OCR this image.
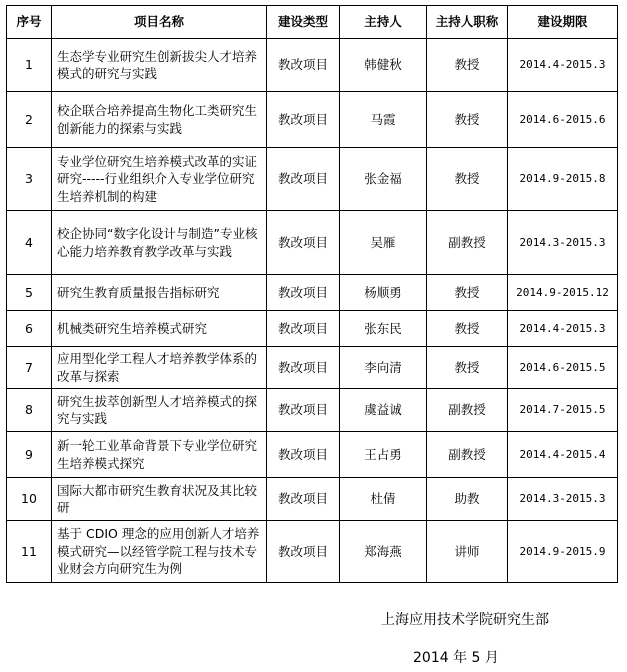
序号	项目名称	建设类型	主持人	主持人职称	建设期限
1	生态学专业研究生创新拔尖人才培养模式的研究与实践	教改项目	韩健秋	教授	2014.4-2015.3
2	校企联合培养提高生物化工类研究生创新能力的探索与实践	教改项目	马霞	教授	2014.6-2015.6
3	专业学位研究生培养模式改革的实证研究-----行业组织介入专业学位研究生培养机制的构建	教改项目	张金福	教授	2014.9-2015.8
4	校企协同“数字化设计与制造”专业核心能力培养教育教学改革与实践	教改项目	吴雁	副教授	2014.3-2015.3
5	研究生教育质量报告指标研究	教改项目	杨顺勇	教授	2014.9-2015.12
6	机械类研究生培养模式研究	教改项目	张东民	教授	2014.4-2015.3
7	应用型化学工程人才培养教学体系的改革与探索	教改项目	李向清	教授	2014.6-2015.5
8	研究生拔萃创新型人才培养模式的探究与实践	教改项目	虞益诚	副教授	2014.7-2015.5
9	新一轮工业革命背景下专业学位研究生培养模式探究	教改项目	王占勇	副教授	2014.4-2015.4
10	国际大都市研究生教育状况及其比较研	教改项目	杜倩	助教	2014.3-2015.3
11	基于 CDIO 理念的应用创新人才培养模式研究—以经管学院工程与技术专业财会方向研究生为例	教改项目	郑海燕	讲师	2014.9-2015.9
上海应用技术学院研究生部
2014 年 5 月
